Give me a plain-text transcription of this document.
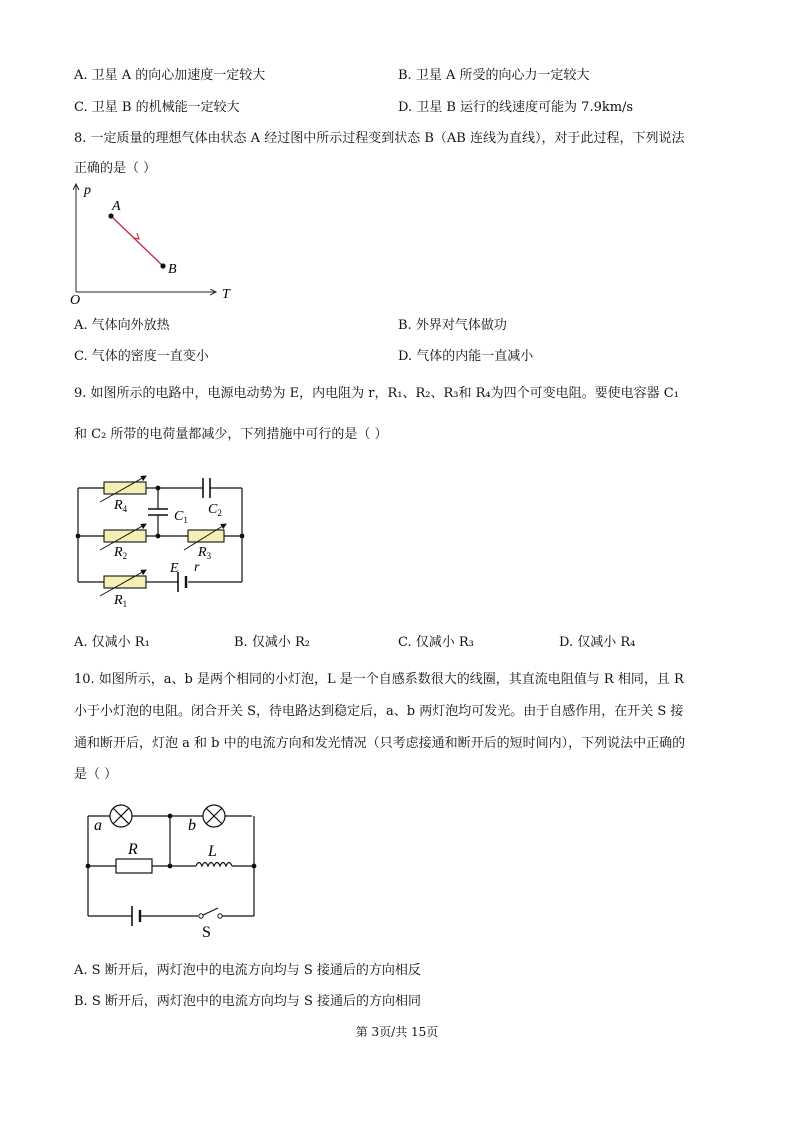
A. 卫星 A 的向心加速度一定较大	B. 卫星 A 所受的向心力一定较大
C. 卫星 B 的机械能一定较大	D. 卫星 B 运行的线速度可能为 7.9km/s
8. 一定质量的理想气体由状态 A 经过图中所示过程变到状态 B（AB 连线为直线），对于此过程，下列说法
正确的是（ ）
p
T
O
A
B
A. 气体向外放热	B. 外界对气体做功
C. 气体的密度一直变小	D. 气体的内能一直减小
9. 如图所示的电路中，电源电动势为 E，内电阻为 r，R₁、R₂、R₃和 R₄为四个可变电阻。要使电容器 C₁
和 C₂ 所带的电荷量都减少，下列措施中可行的是（ ）
$R_4$	$C_2$
$C_1$
$R_2$	$R_3$
E r
$R_1$
A. 仅减小 R₁	B. 仅减小 R₂	C. 仅减小 R₃	D. 仅减小 R₄
10. 如图所示，a、b 是两个相同的小灯泡，L 是一个自感系数很大的线圈，其直流电阻值与 R 相同，且 R
小于小灯泡的电阻。闭合开关 S，待电路达到稳定后，a、b 两灯泡均可发光。由于自感作用，在开关 S 接
通和断开后，灯泡 a 和 b 中的电流方向和发光情况（只考虑接通和断开后的短时间内），下列说法中正确的
是（ ）
a	b
R	L
S
A. S 断开后，两灯泡中的电流方向均与 S 接通后的方向相反
B. S 断开后，两灯泡中的电流方向均与 S 接通后的方向相同
第 3页/共 15页
